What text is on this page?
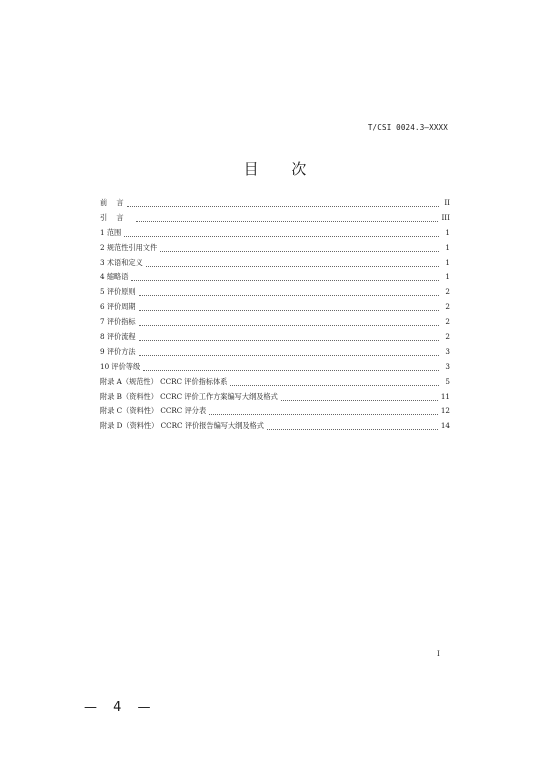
T/CSI 0024.3—XXXX
目 次
前    言	II
引    言	III
1 范围	1
2 规范性引用文件	1
3 术语和定义	1
4 缩略语	1
5 评价原则	2
6 评价周期	2
7 评价指标	2
8 评价流程	2
9 评价方法	3
10 评价等级	3
附录 A（规范性） CCRC 评价指标体系	5
附录 B（资料性） CCRC 评价工作方案编写大纲及格式	11
附录 C（资料性） CCRC 评分表	12
附录 D（资料性） CCRC 评价报告编写大纲及格式	14
I
— 4 —
